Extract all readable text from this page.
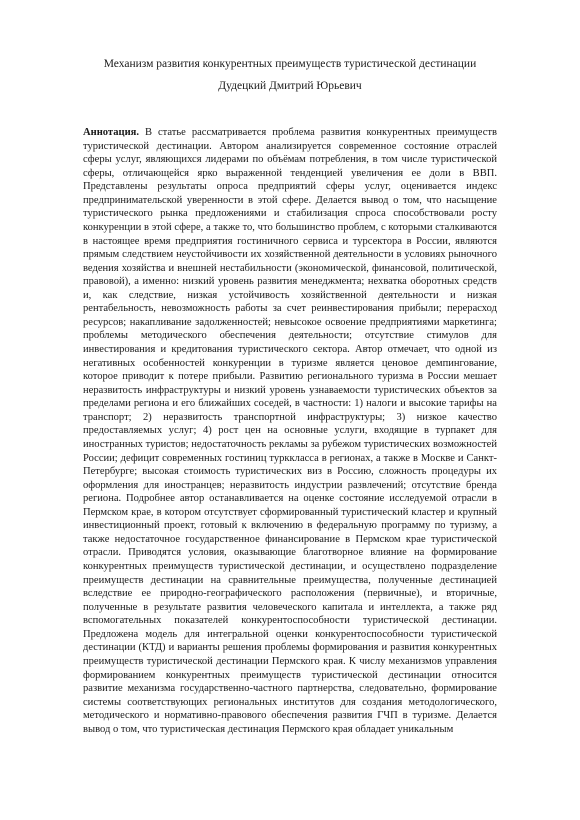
Механизм развития конкурентных преимуществ туристической дестинации
Дудецкий Дмитрий Юрьевич

Аннотация. В статье рассматривается проблема развития конкурентных преимуществ туристической дестинации. Автором анализируется современное состояние отраслей сферы услуг, являющихся лидерами по объёмам потребления, в том числе туристической сферы, отличающейся ярко выраженной тенденцией увеличения ее доли в ВВП. Представлены результаты опроса предприятий сферы услуг, оценивается индекс предпринимательской уверенности в этой сфере. Делается вывод о том, что насыщение туристического рынка предложениями и стабилизация спроса способствовали росту конкуренции в этой сфере, а также то, что большинство проблем, с которыми сталкиваются в настоящее время предприятия гостиничного сервиса и турсектора в России, являются прямым следствием неустойчивости их хозяйственной деятельности в условиях рыночного ведения хозяйства и внешней нестабильности (экономической, финансовой, политической, правовой), а именно: низкий уровень развития менеджмента; нехватка оборотных средств и, как следствие, низкая устойчивость хозяйственной деятельности и низкая рентабельность, невозможность работы за счет реинвестирования прибыли; перерасход ресурсов; накапливание задолженностей; невысокое освоение предприятиями маркетинга; проблемы методического обеспечения деятельности; отсутствие стимулов для инвестирования и кредитования туристического сектора. Автор отмечает, что одной из негативных особенностей конкуренции в туризме является ценовое демпингование, которое приводит к потере прибыли. Развитию регионального туризма в России мешает неразвитость инфраструктуры и низкий уровень узнаваемости туристических объектов за пределами региона и его ближайших соседей, в частности: 1) налоги и высокие тарифы на транспорт; 2) неразвитость транспортной инфраструктуры; 3) низкое качество предоставляемых услуг; 4) рост цен на основные услуги, входящие в турпакет для иностранных туристов; недостаточность рекламы за рубежом туристических возможностей России; дефицит современных гостиниц турккласса в регионах, а также в Москве и Санкт-Петербурге; высокая стоимость туристических виз в Россию, сложность процедуры их оформления для иностранцев; неразвитость индустрии развлечений; отсутствие бренда региона. Подробнее автор останавливается на оценке состояние исследуемой отрасли в Пермском крае, в котором отсутствует сформированный туристический кластер и крупный инвестиционный проект, готовый к включению в федеральную программу по туризму, а также недостаточное государственное финансирование в Пермском крае туристической отрасли. Приводятся условия, оказывающие благотворное влияние на формирование конкурентных преимуществ туристической дестинации, и осуществлено подразделение преимуществ дестинации на сравнительные преимущества, полученные дестинацией вследствие ее природно-географического расположения (первичные), и вторичные, полученные в результате развития человеческого капитала и интеллекта, а также ряд вспомогательных показателей конкурентоспособности туристической дестинации. Предложена модель для интегральной оценки конкурентоспособности туристической дестинации (КТД) и варианты решения проблемы формирования и развития конкурентных преимуществ туристической дестинации Пермского края. К числу механизмов управления формированием конкурентных преимуществ туристической дестинации относится развитие механизма государственно-частного партнерства, следовательно, формирование системы соответствующих региональных институтов для создания методологического, методического и нормативно-правового обеспечения развития ГЧП в туризме. Делается вывод о том, что туристическая дестинация Пермского края обладает уникальным
